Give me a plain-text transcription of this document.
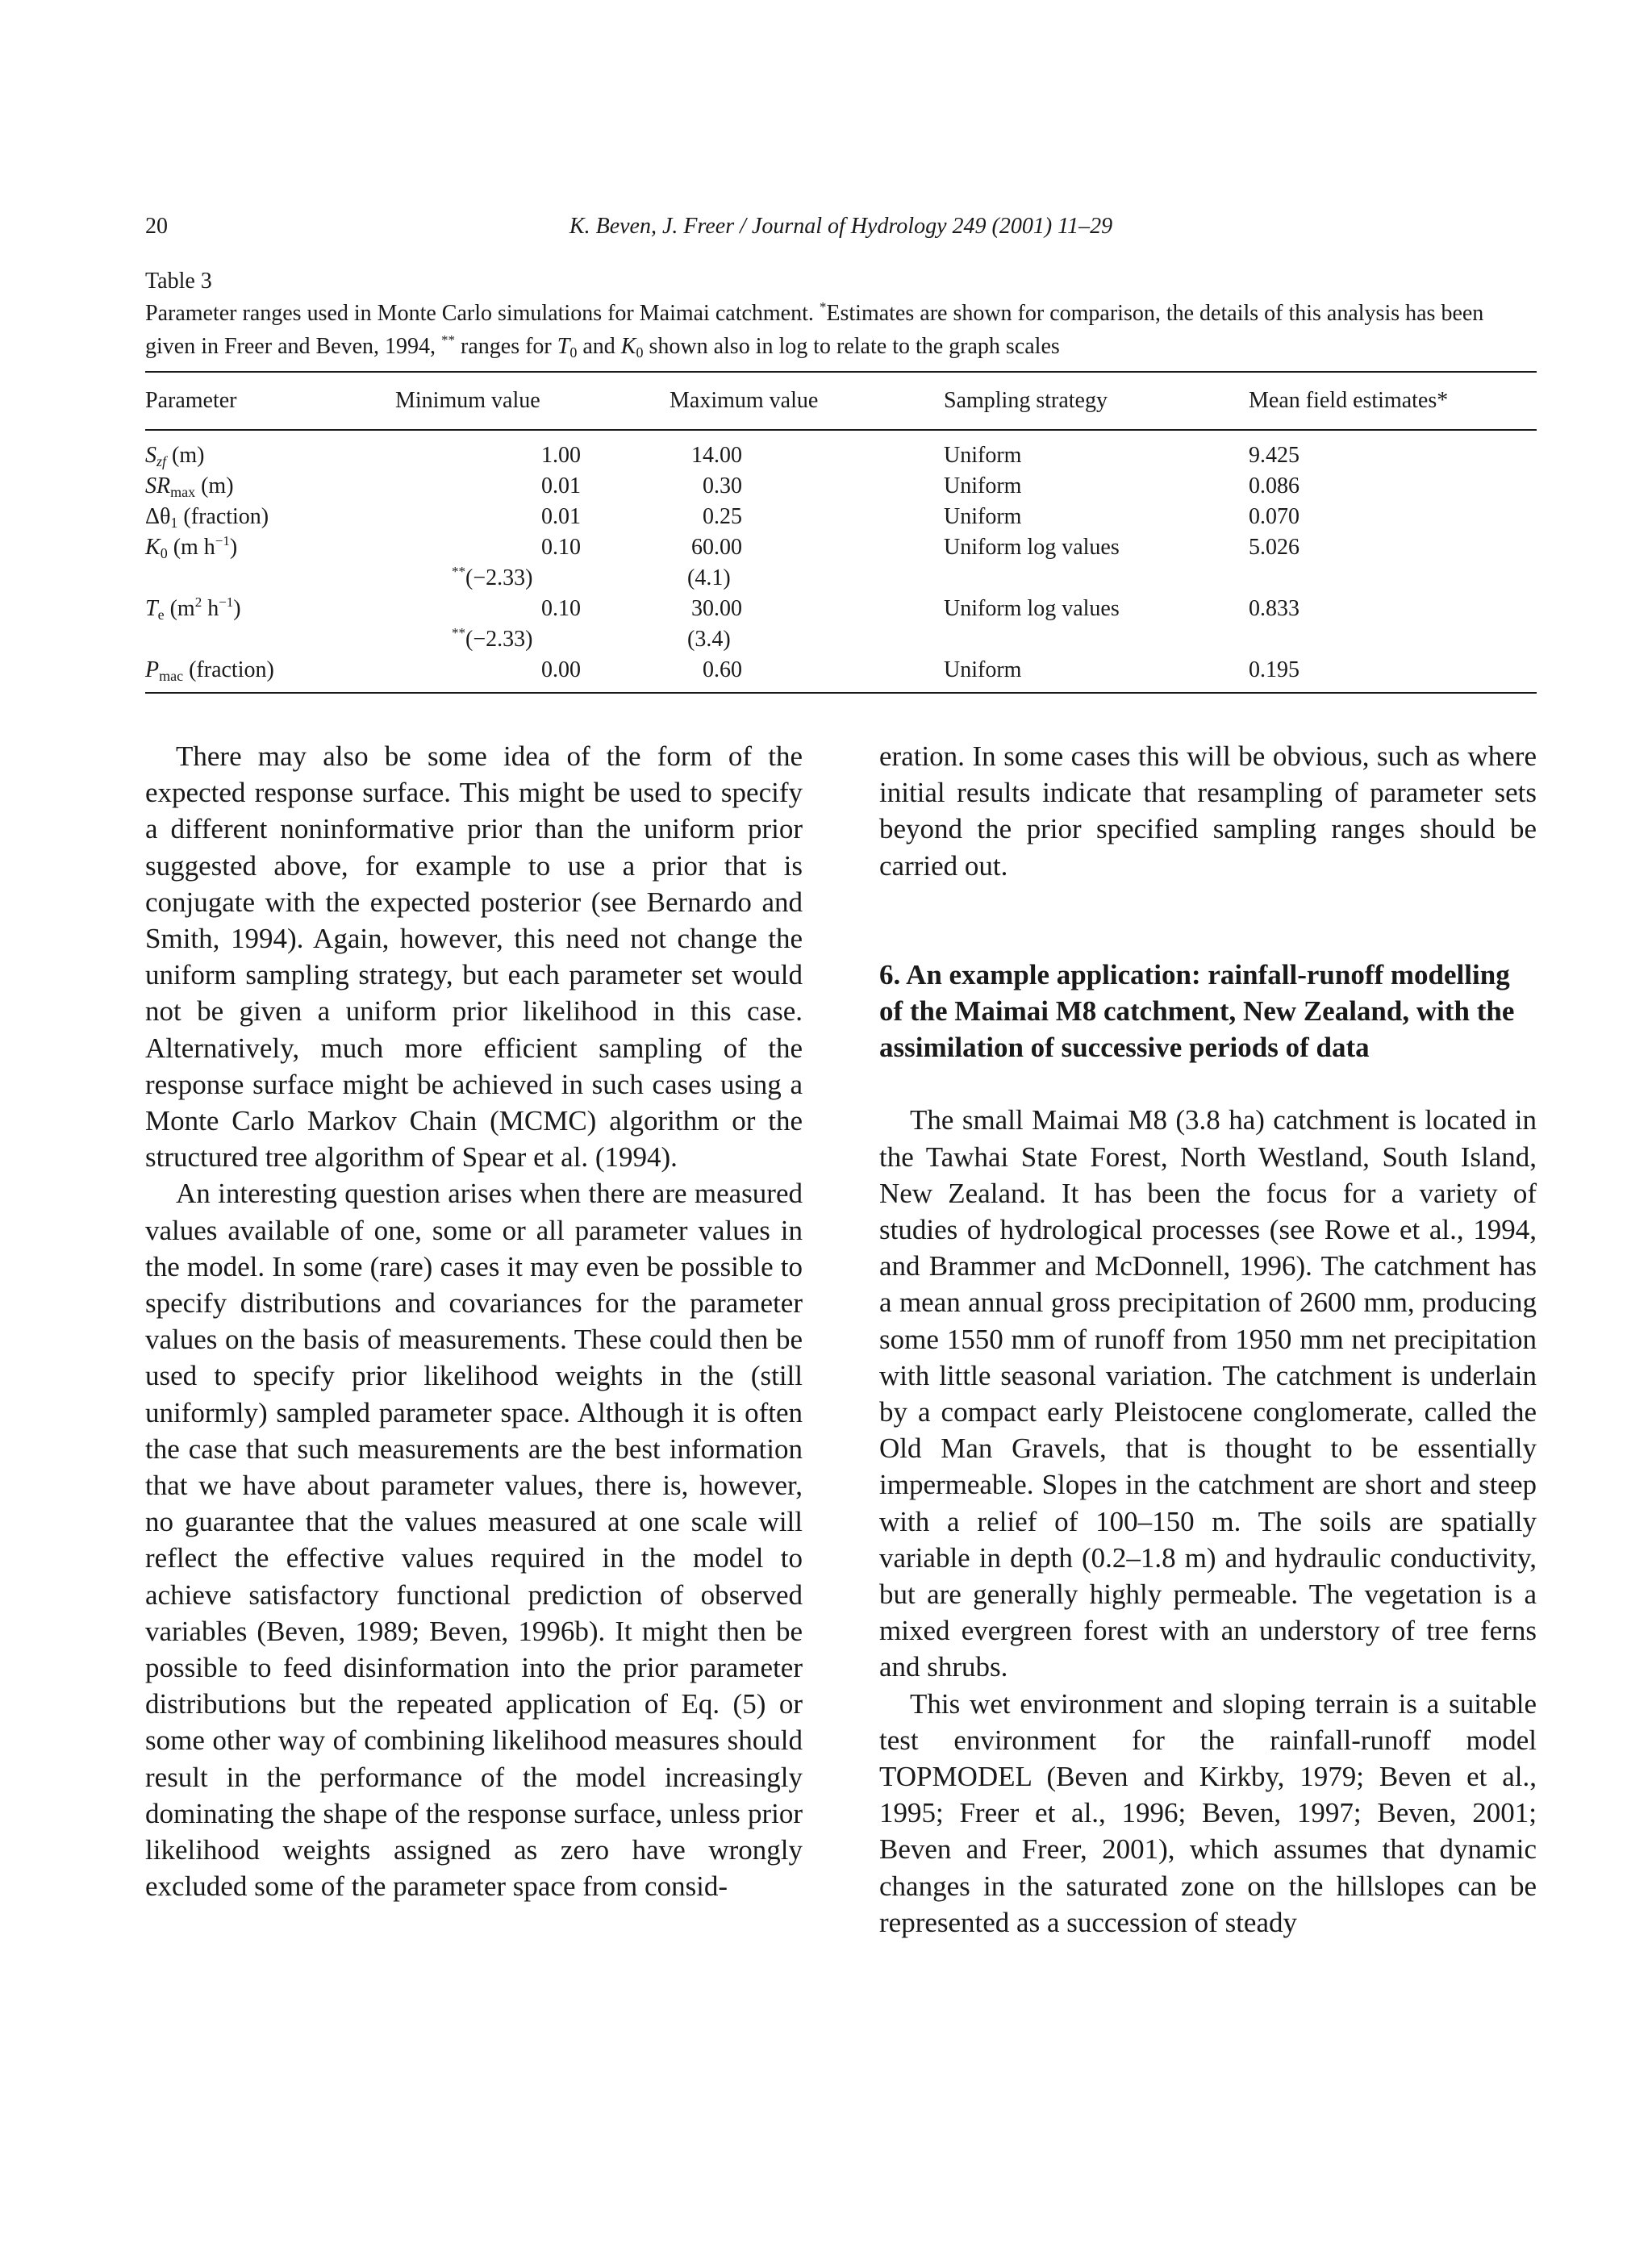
20	K. Beven, J. Freer / Journal of Hydrology 249 (2001) 11–29
Table 3
Parameter ranges used in Monte Carlo simulations for Maimai catchment. *Estimates are shown for comparison, the details of this analysis has been given in Freer and Beven, 1994, ** ranges for $T_0$ and $K_0$ shown also in log to relate to the graph scales
Parameter	Minimum value	Maximum value	Sampling strategy	Mean field estimates*
$S_{zf}$ (m)	1.00	14.00	Uniform	9.425
$SR_{max}$ (m)	0.01	0.30	Uniform	0.086
$\Delta\theta_1$ (fraction)	0.01	0.25	Uniform	0.070
$K_0$ (m $h^{-1}$)	0.10	60.00	Uniform log values	5.026
	**(−2.33)	(4.1)		
$T_e$ ($m^2$ $h^{-1}$)	0.10	30.00	Uniform log values	0.833
	**(−2.33)	(3.4)		
$P_{mac}$ (fraction)	0.00	0.60	Uniform	0.195

There may also be some idea of the form of the expected response surface. This might be used to specify a different noninformative prior than the uniform prior suggested above, for example to use a prior that is conjugate with the expected posterior (see Bernardo and Smith, 1994). Again, however, this need not change the uniform sampling strategy, but each parameter set would not be given a uniform prior likelihood in this case. Alternatively, much more efficient sampling of the response surface might be achieved in such cases using a Monte Carlo Markov Chain (MCMC) algorithm or the structured tree algorithm of Spear et al. (1994).

An interesting question arises when there are measured values available of one, some or all parameter values in the model. In some (rare) cases it may even be possible to specify distributions and covariances for the parameter values on the basis of measurements. These could then be used to specify prior likelihood weights in the (still uniformly) sampled parameter space. Although it is often the case that such measurements are the best information that we have about parameter values, there is, however, no guarantee that the values measured at one scale will reflect the effective values required in the model to achieve satisfactory functional prediction of observed variables (Beven, 1989; Beven, 1996b). It might then be possible to feed disinformation into the prior parameter distributions but the repeated application of Eq. (5) or some other way of combining likelihood measures should result in the performance of the model increasingly dominating the shape of the response surface, unless prior likelihood weights assigned as zero have wrongly excluded some of the parameter space from consid-

eration. In some cases this will be obvious, such as where initial results indicate that resampling of parameter sets beyond the prior specified sampling ranges should be carried out.

6. An example application: rainfall-runoff modelling of the Maimai M8 catchment, New Zealand, with the assimilation of successive periods of data

The small Maimai M8 (3.8 ha) catchment is located in the Tawhai State Forest, North Westland, South Island, New Zealand. It has been the focus for a variety of studies of hydrological processes (see Rowe et al., 1994, and Brammer and McDonnell, 1996). The catchment has a mean annual gross precipitation of 2600 mm, producing some 1550 mm of runoff from 1950 mm net precipitation with little seasonal variation. The catchment is underlain by a compact early Pleistocene conglomerate, called the Old Man Gravels, that is thought to be essentially impermeable. Slopes in the catchment are short and steep with a relief of 100–150 m. The soils are spatially variable in depth (0.2–1.8 m) and hydraulic conductivity, but are generally highly permeable. The vegetation is a mixed evergreen forest with an understory of tree ferns and shrubs.

This wet environment and sloping terrain is a suitable test environment for the rainfall-runoff model TOPMODEL (Beven and Kirkby, 1979; Beven et al., 1995; Freer et al., 1996; Beven, 1997; Beven, 2001; Beven and Freer, 2001), which assumes that dynamic changes in the saturated zone on the hillslopes can be represented as a succession of steady
